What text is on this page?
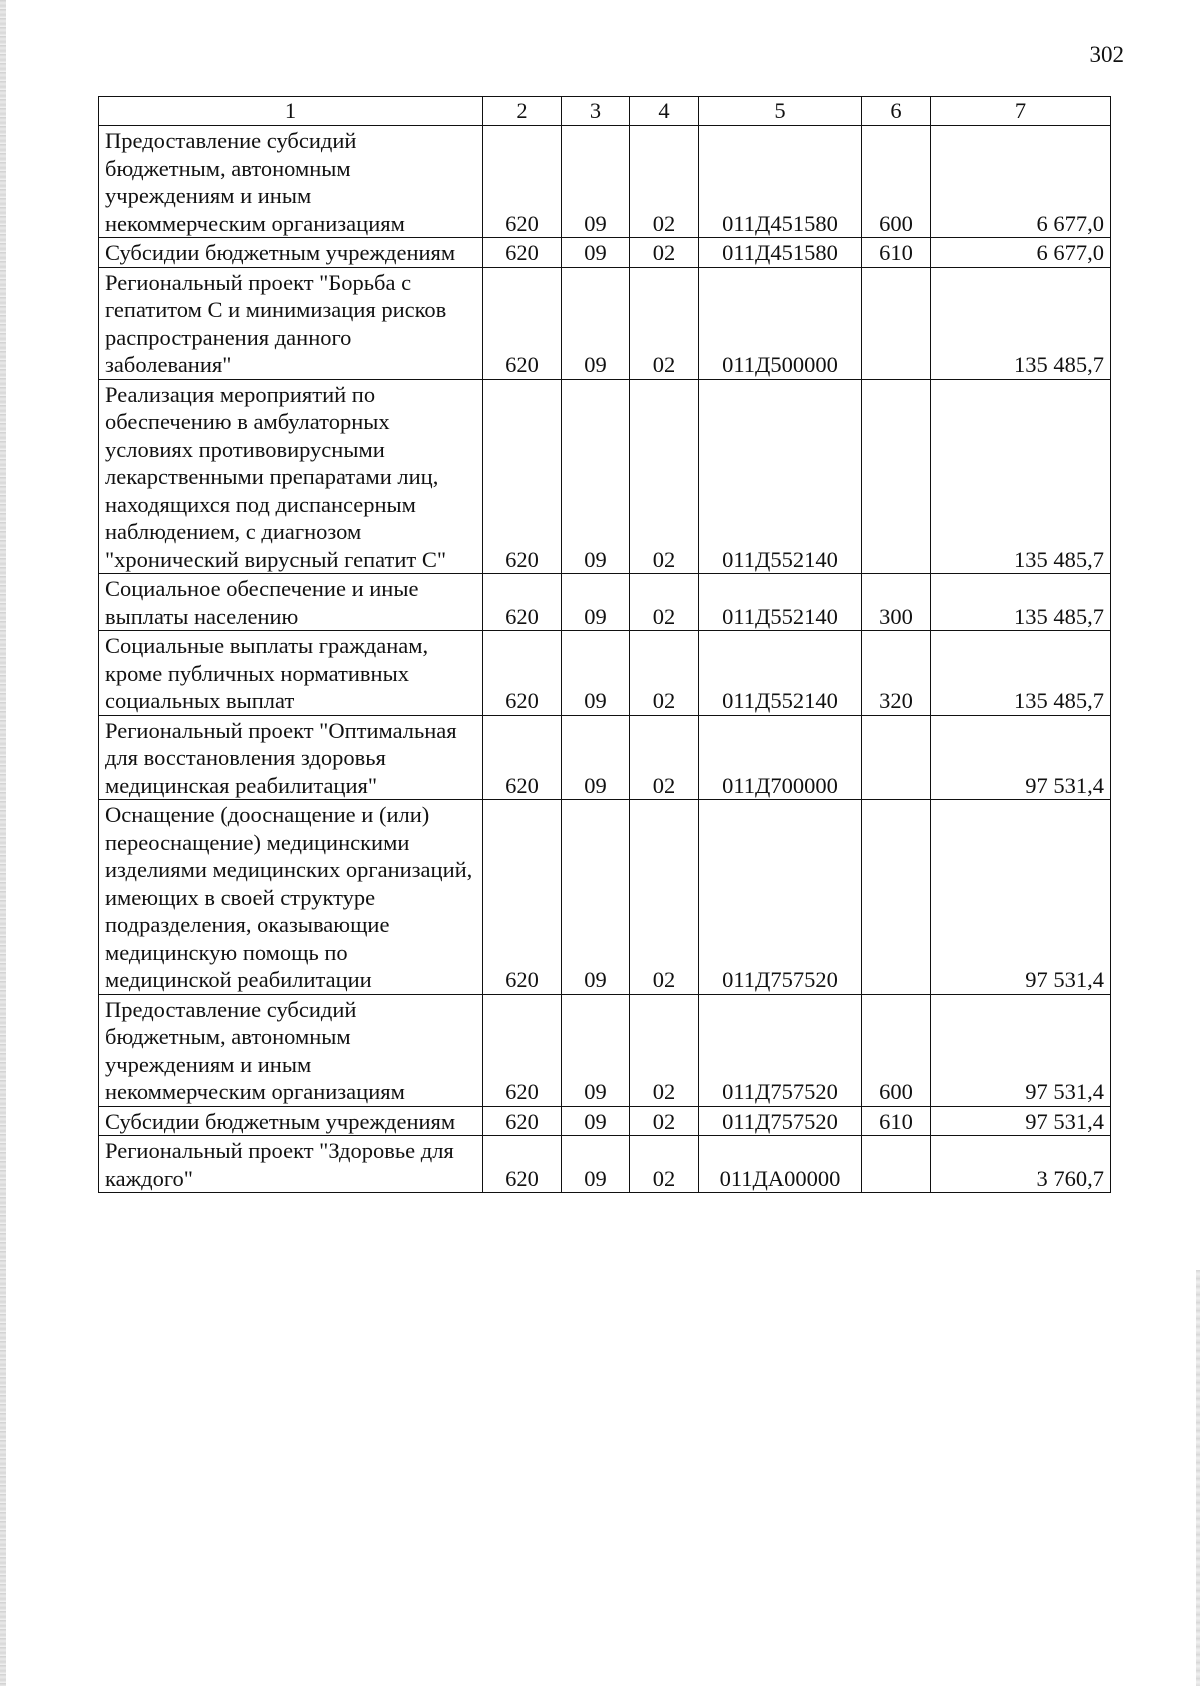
302
1	2	3	4	5	6	7
Предоставление субсидий бюджетным, автономным учреждениям и иным некоммерческим организациям	620	09	02	011Д451580	600	6 677,0
Субсидии бюджетным учреждениям	620	09	02	011Д451580	610	6 677,0
Региональный проект "Борьба с гепатитом С и минимизация рисков распространения данного заболевания"	620	09	02	011Д500000		135 485,7
Реализация мероприятий по обеспечению в амбулаторных условиях противовирусными лекарственными препаратами лиц, находящихся под диспансерным наблюдением, с диагнозом "хронический вирусный гепатит С"	620	09	02	011Д552140		135 485,7
Социальное обеспечение и иные выплаты населению	620	09	02	011Д552140	300	135 485,7
Социальные выплаты гражданам, кроме публичных нормативных социальных выплат	620	09	02	011Д552140	320	135 485,7
Региональный проект "Оптимальная для восстановления здоровья медицинская реабилитация"	620	09	02	011Д700000		97 531,4
Оснащение (дооснащение и (или) переоснащение) медицинскими изделиями медицинских организаций, имеющих в своей структуре подразделения, оказывающие медицинскую помощь по медицинской реабилитации	620	09	02	011Д757520		97 531,4
Предоставление субсидий бюджетным, автономным учреждениям и иным некоммерческим организациям	620	09	02	011Д757520	600	97 531,4
Субсидии бюджетным учреждениям	620	09	02	011Д757520	610	97 531,4
Региональный проект "Здоровье для каждого"	620	09	02	011ДА00000		3 760,7
